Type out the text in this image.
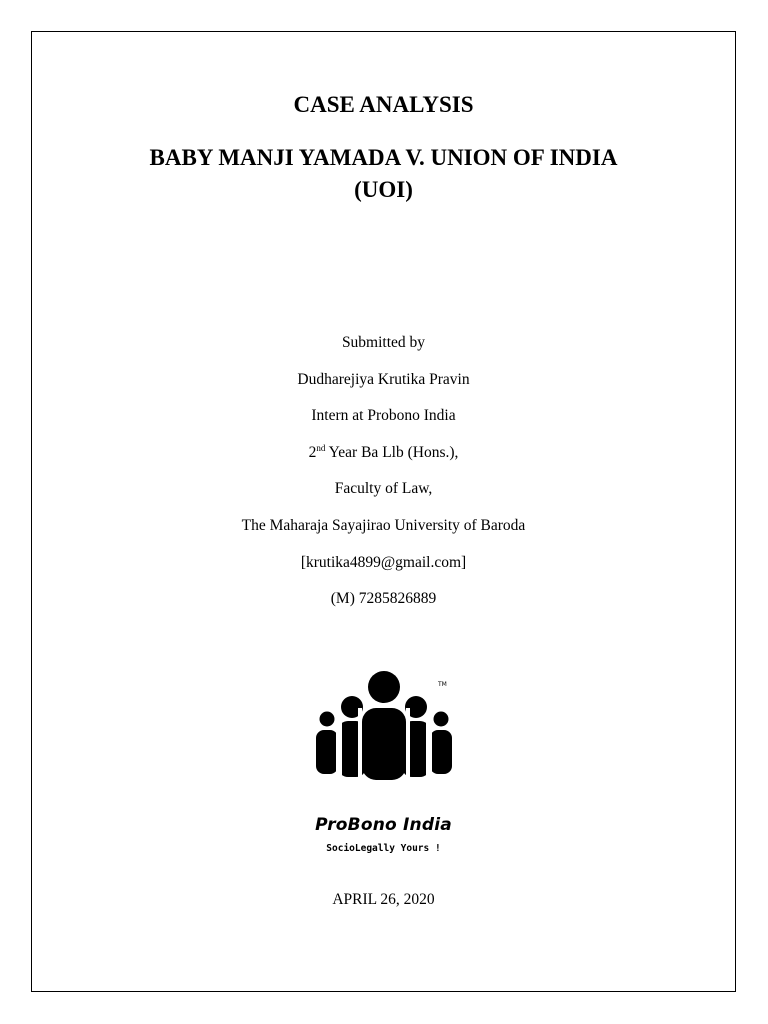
CASE ANALYSIS
BABY MANJI YAMADA V. UNION OF INDIA
(UOI)
Submitted by
Dudharejiya Krutika Pravin
Intern at Probono India
2nd Year Ba Llb (Hons.),
Faculty of Law,
The Maharaja Sayajirao University of Baroda
[krutika4899@gmail.com]
(M) 7285826889
TM
ProBono India
SocioLegally Yours !
APRIL 26, 2020
